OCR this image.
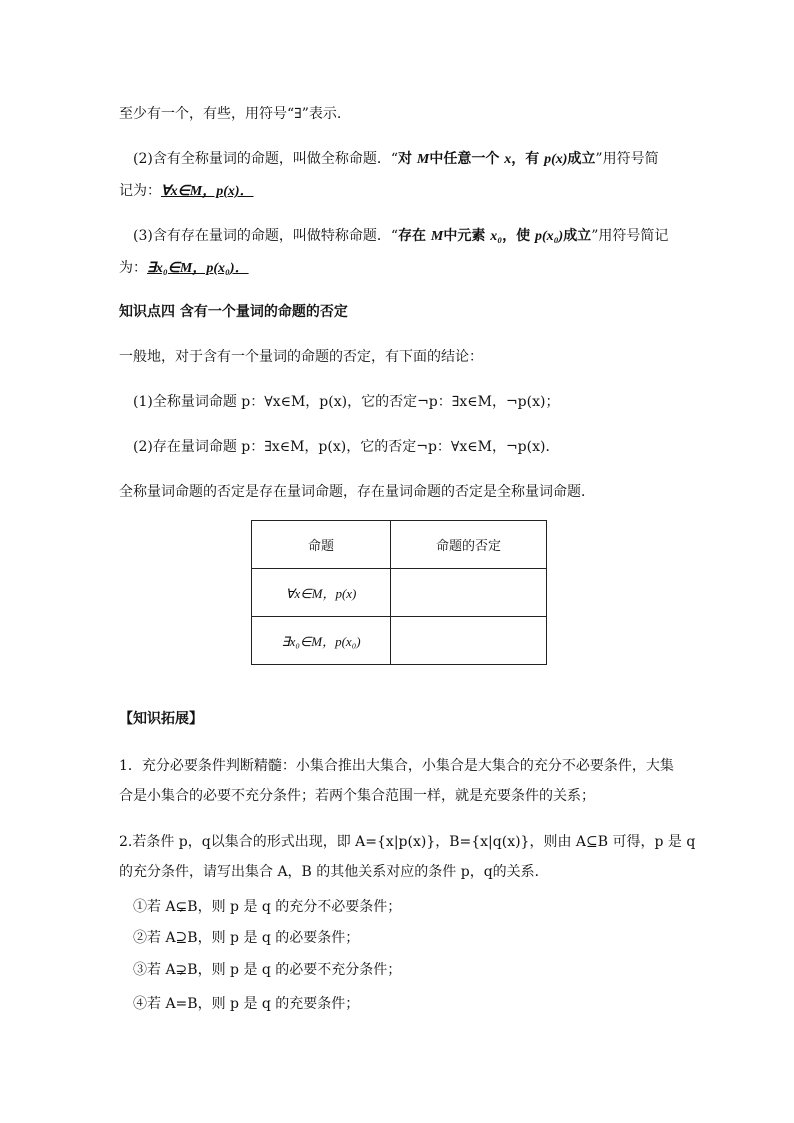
至少有一个，有些，用符号“∃”表示.
(2)含有全称量词的命题，叫做全称命题．“对 M中任意一个 x，有 p(x)成立”用符号简
记为：∀x∈M，p(x)．
(3)含有存在量词的命题，叫做特称命题．“存在 M中元素 x₀，使 p(x₀)成立”用符号简记
为：∃x₀∈M，p(x₀)．
知识点四 含有一个量词的命题的否定
一般地，对于含有一个量词的命题的否定，有下面的结论：
(1)全称量词命题 p：∀x∈M，p(x)，它的否定¬p：∃x∈M，¬p(x)；
(2)存在量词命题 p：∃x∈M，p(x)，它的否定¬p：∀x∈M，¬p(x)．
全称量词命题的否定是存在量词命题，存在量词命题的否定是全称量词命题．
命题	命题的否定
∀x∈M，p(x)	
∃x₀∈M，p(x₀)	
【知识拓展】
1．充分必要条件判断精髓：小集合推出大集合，小集合是大集合的充分不必要条件，大集
合是小集合的必要不充分条件；若两个集合范围一样，就是充要条件的关系；
2.若条件 p，q以集合的形式出现，即 A={x|p(x)}，B={x|q(x)}，则由 A⊆B 可得，p 是 q
的充分条件，请写出集合 A，B 的其他关系对应的条件 p，q的关系．
①若 A⊊B，则 p 是 q 的充分不必要条件；
②若 A⊇B，则 p 是 q 的必要条件；
③若 A⊋B，则 p 是 q 的必要不充分条件；
④若 A=B，则 p 是 q 的充要条件；
